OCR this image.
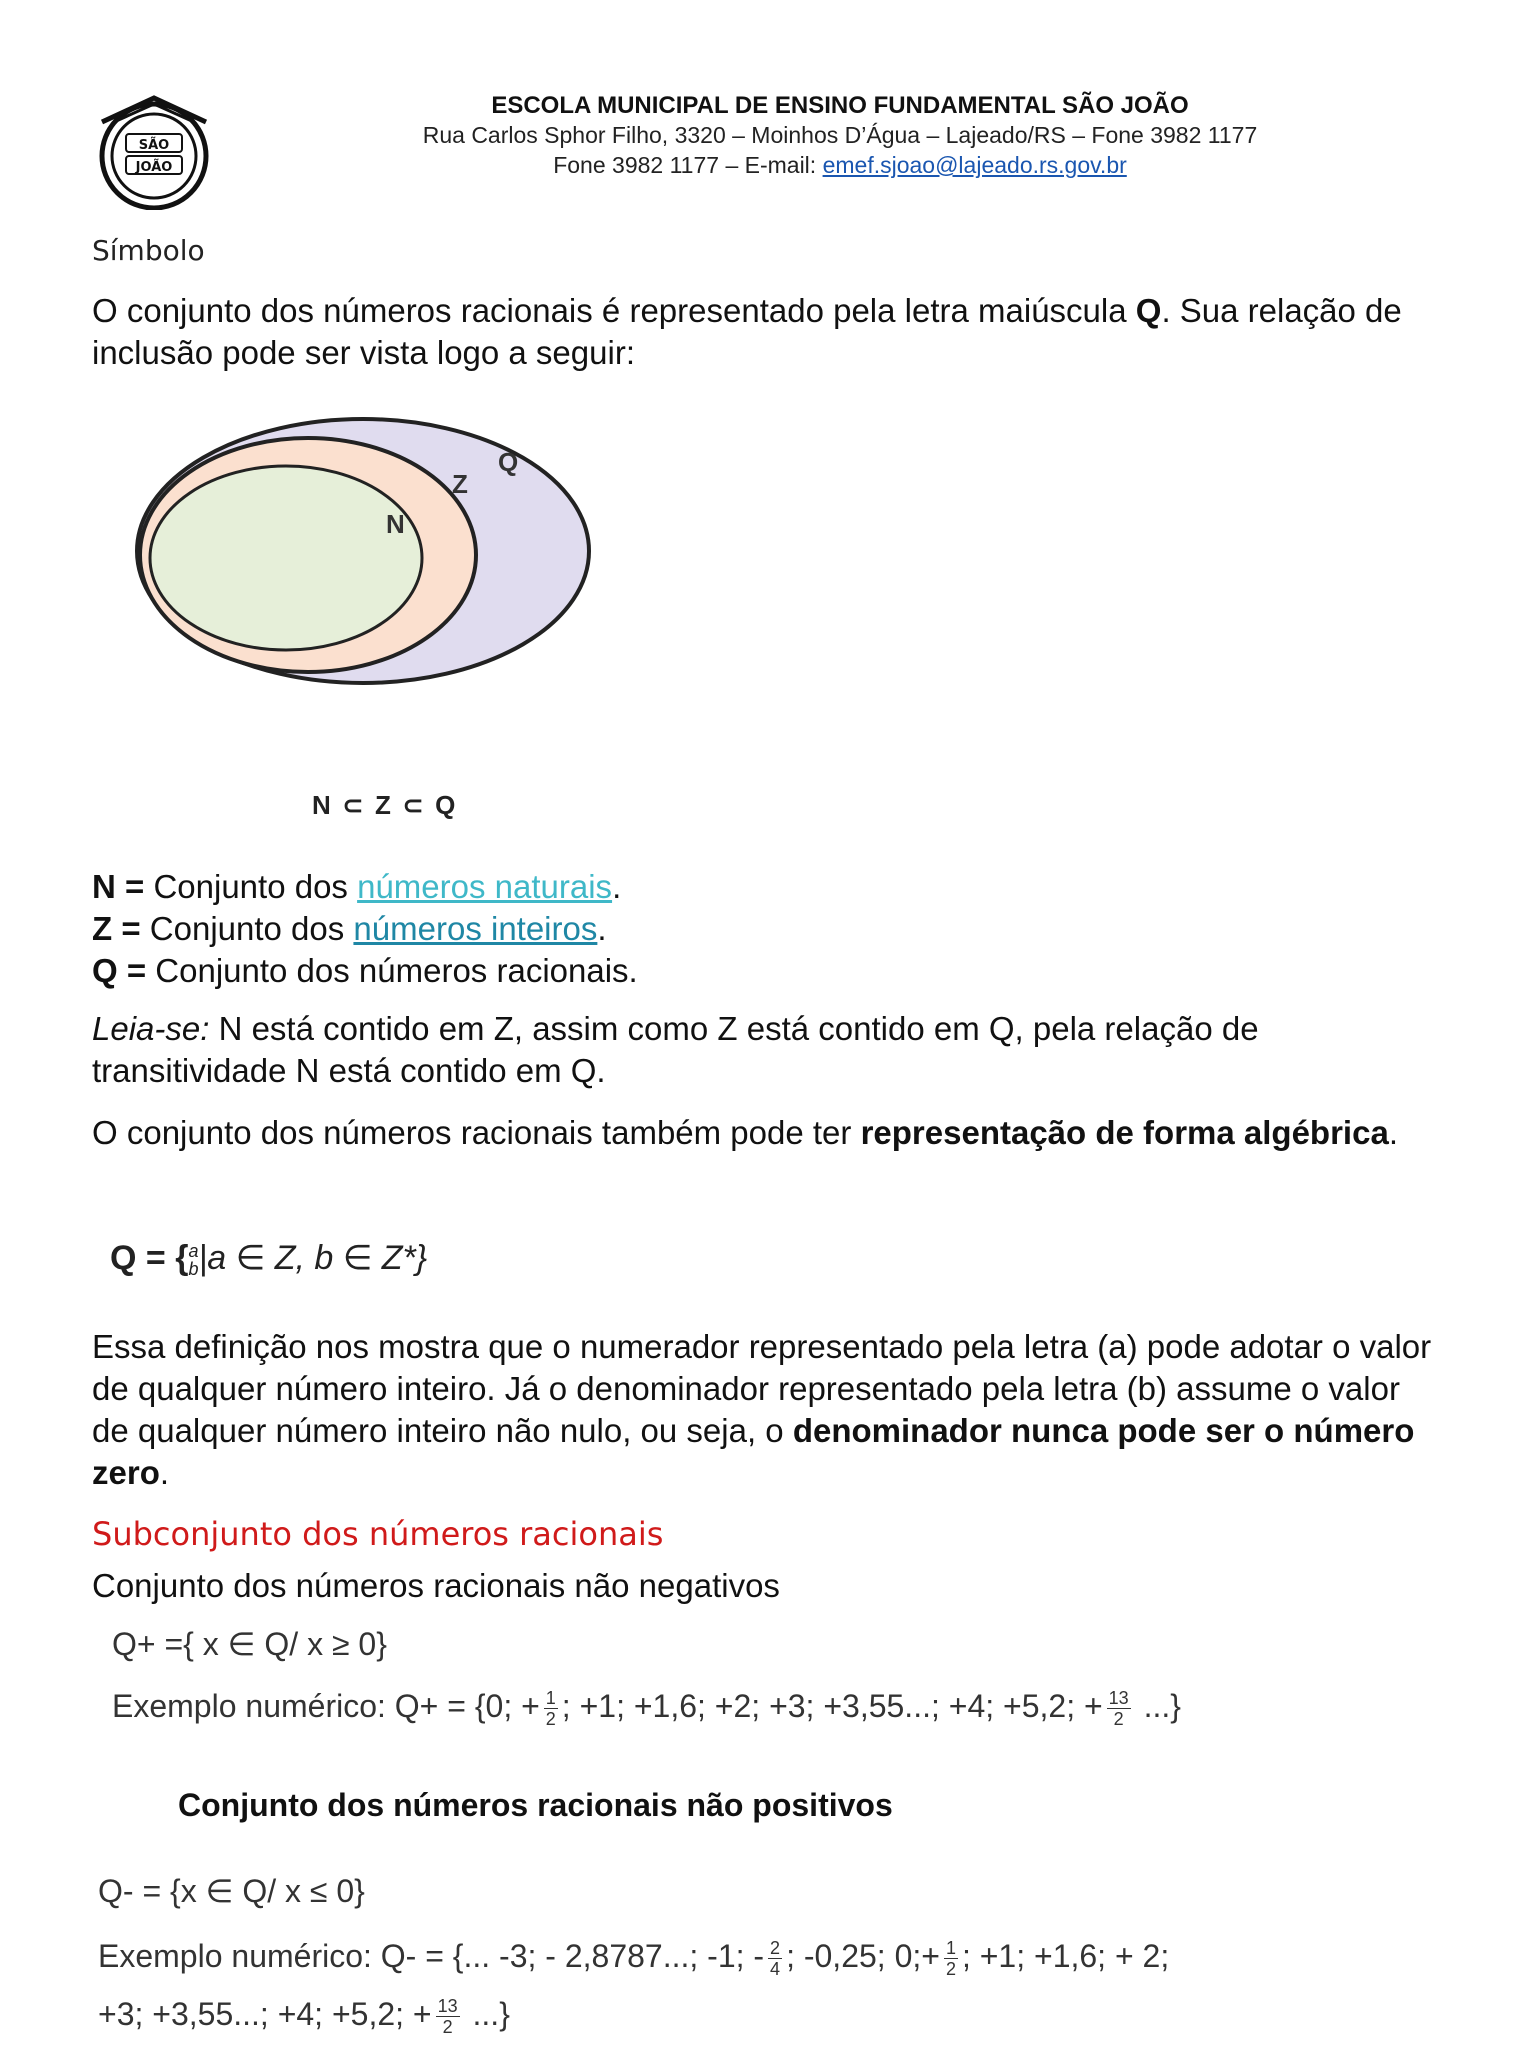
SÃO
JOÃO
ESCOLA MUNICIPAL DE ENSINO FUNDAMENTAL SÃO JOÃO
Rua Carlos Sphor Filho, 3320 – Moinhos D’Água – Lajeado/RS – Fone 3982 1177
Fone 3982 1177 – E-mail: emef.sjoao@lajeado.rs.gov.br
Símbolo
O conjunto dos números racionais é representado pela letra maiúscula Q. Sua relação de inclusão pode ser vista logo a seguir:
N
Z
Q
N ⊂ Z ⊂ Q
N = Conjunto dos números naturais.
Z = Conjunto dos números inteiros.
Q = Conjunto dos números racionais.
Leia-se: N está contido em Z, assim como Z está contido em Q, pela relação de transitividade N está contido em Q.
O conjunto dos números racionais também pode ter representação de forma algébrica.
Q = { a
b |a ∈ Z, b ∈ Z*}
Essa definição nos mostra que o numerador representado pela letra (a) pode adotar o valor de qualquer número inteiro. Já o denominador representado pela letra (b) assume o valor de qualquer número inteiro não nulo, ou seja, o denominador nunca pode ser o número zero.
Subconjunto dos números racionais
Conjunto dos números racionais não negativos
Q+ ={ x ∈ Q/ x ≥ 0}
Exemplo numérico: Q+ = {0; + $\frac{1}{2}$ ; +1; +1,6; +2; +3; +3,55...; +4; +5,2; + $\frac{13}{2}$ ...}
Conjunto dos números racionais não positivos
Q- = {x ∈ Q/ x ≤ 0}
Exemplo numérico: Q- = {... -3; - 2,8787...; -1; - $\frac{2}{4}$ ; -0,25; 0;+ $\frac{1}{2}$ ; +1; +1,6; + 2;
+3; +3,55...; +4; +5,2; + $\frac{13}{2}$ ...}
